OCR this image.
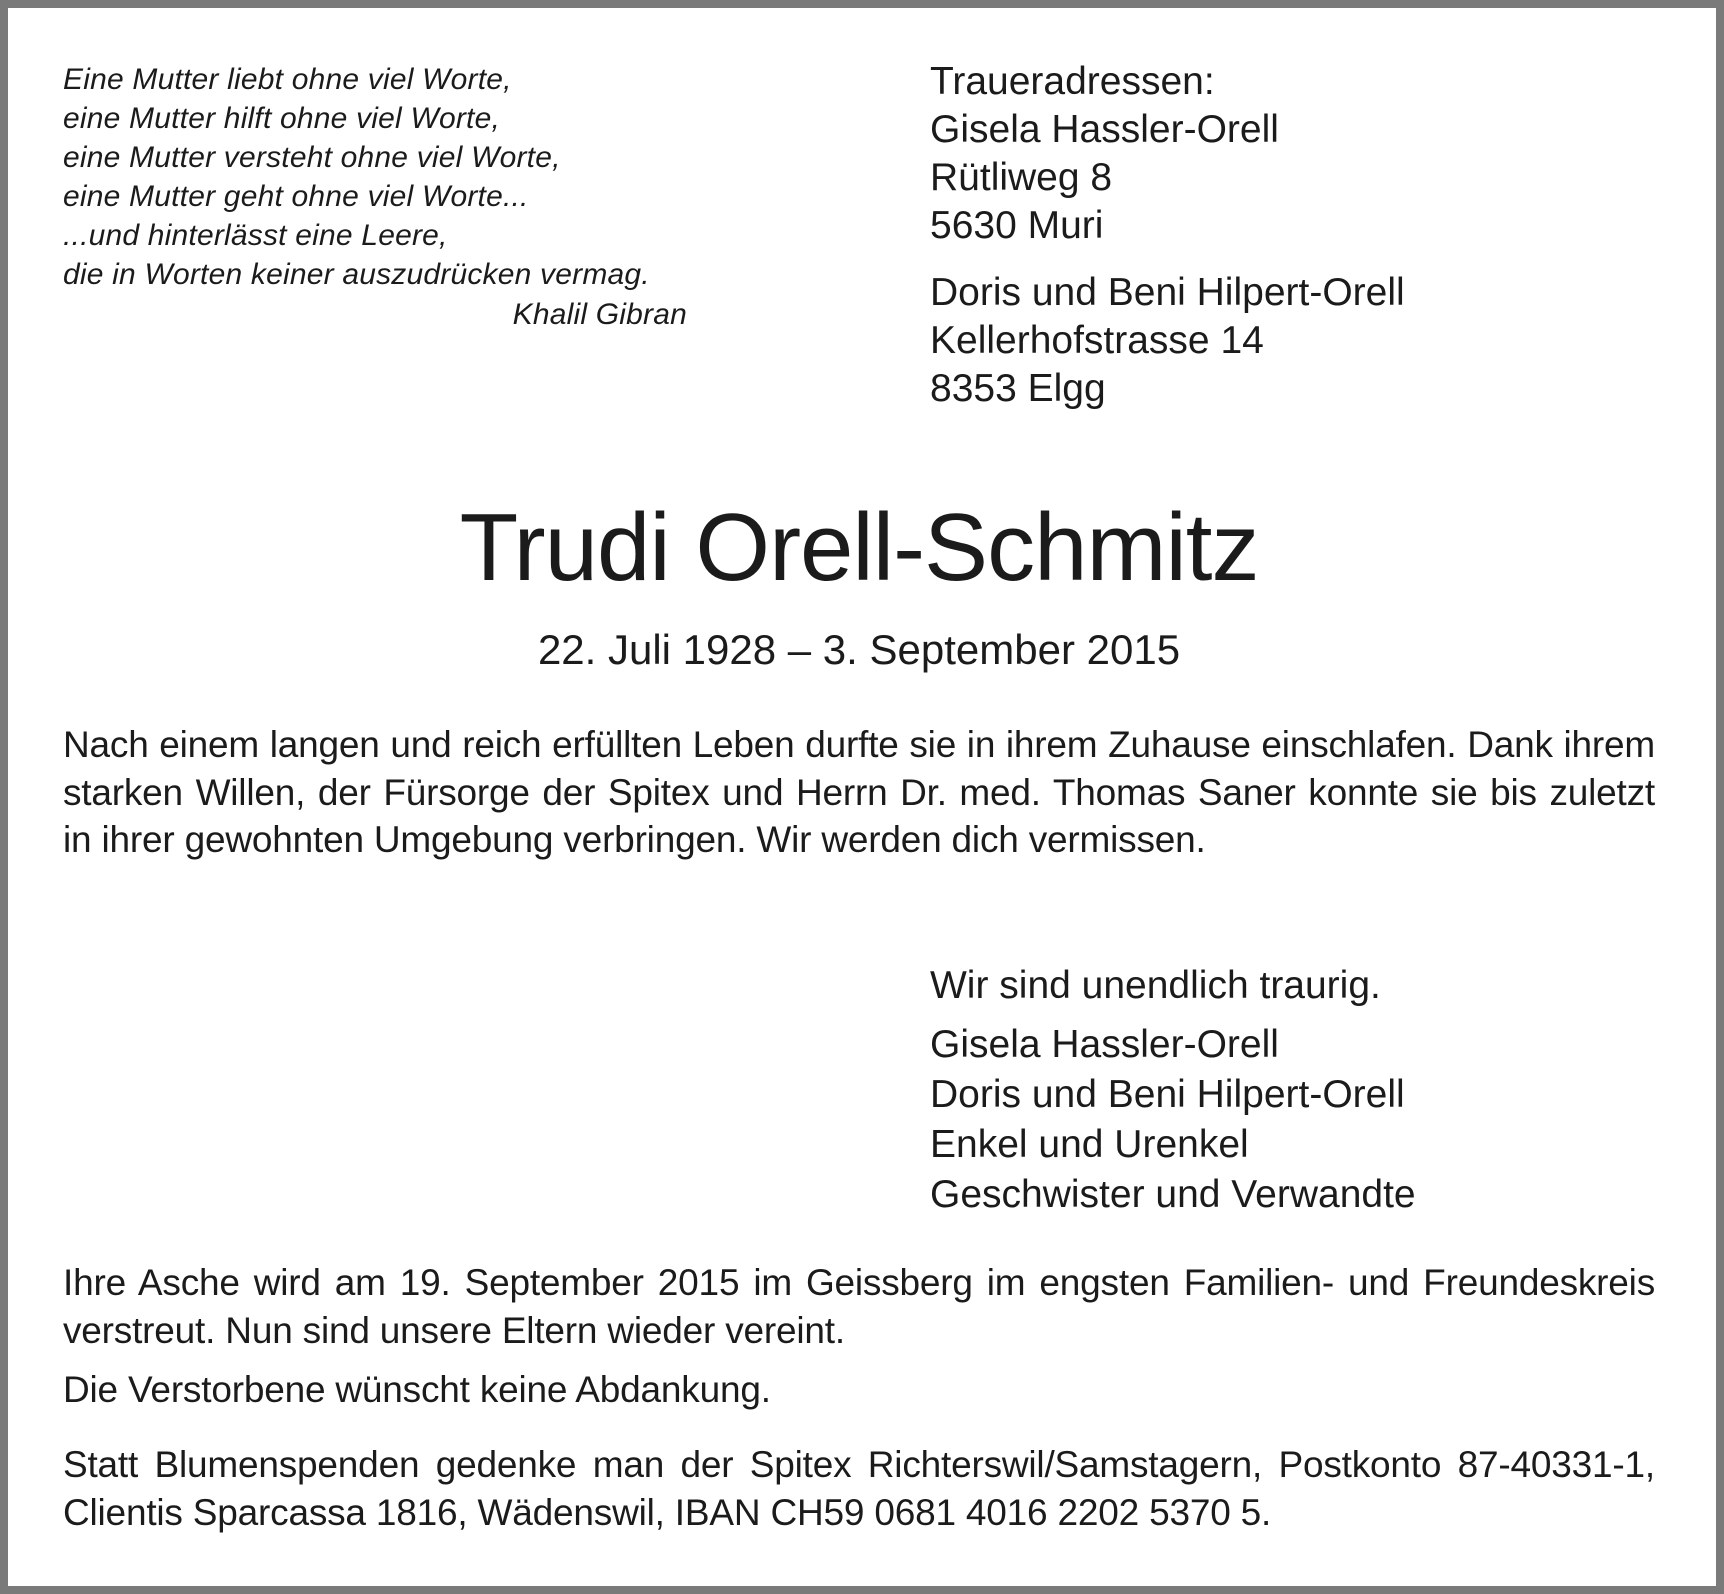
Eine Mutter liebt ohne viel Worte,
eine Mutter hilft ohne viel Worte,
eine Mutter versteht ohne viel Worte,
eine Mutter geht ohne viel Worte...
...und hinterlässt eine Leere,
die in Worten keiner auszudrücken vermag.
Khalil Gibran
Traueradressen:
Gisela Hassler-Orell
Rütliweg 8
5630 Muri
Doris und Beni Hilpert-Orell
Kellerhofstrasse 14
8353 Elgg
Trudi Orell-Schmitz
22. Juli 1928 – 3. September 2015
Nach einem langen und reich erfüllten Leben durfte sie in ihrem Zuhause einschlafen. Dank ihrem starken Willen, der Fürsorge der Spitex und Herrn Dr. med. Thomas Saner konnte sie bis zuletzt in ihrer gewohnten Umgebung verbringen. Wir werden dich vermissen.
Wir sind unendlich traurig.
Gisela Hassler-Orell
Doris und Beni Hilpert-Orell
Enkel und Urenkel
Geschwister und Verwandte
Ihre Asche wird am 19. September 2015 im Geissberg im engsten Familien- und Freundeskreis verstreut. Nun sind unsere Eltern wieder vereint.
Die Verstorbene wünscht keine Abdankung.
Statt Blumenspenden gedenke man der Spitex Richterswil/Samstagern, Postkonto 87-40331-1, Clientis Sparcassa 1816, Wädenswil, IBAN CH59 0681 4016 2202 5370 5.
